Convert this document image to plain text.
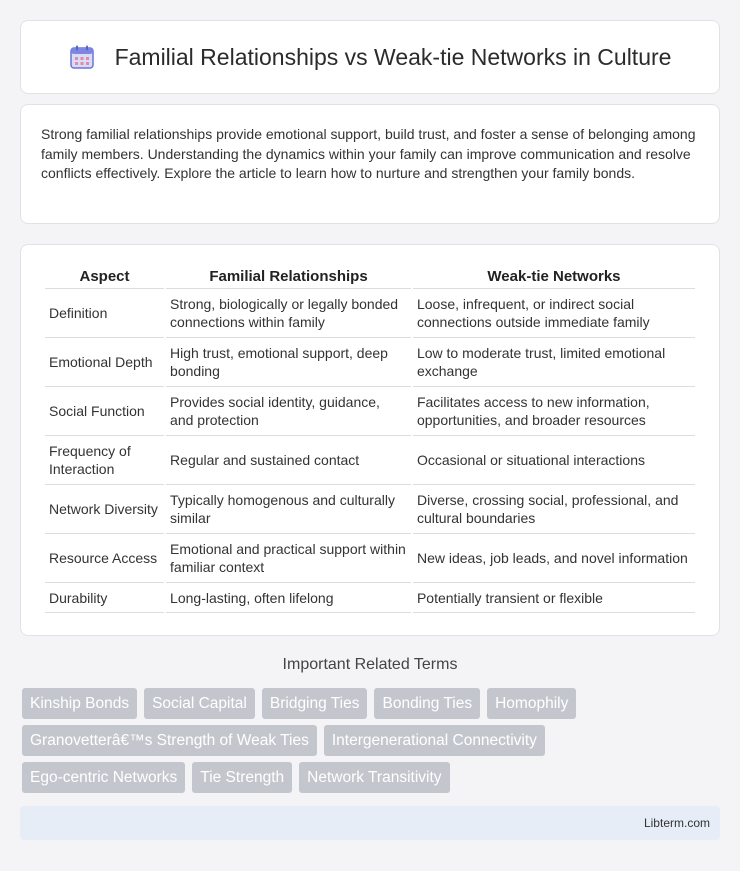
Familial Relationships vs Weak-tie Networks in Culture

Strong familial relationships provide emotional support, build trust, and foster a sense of belonging among family members. Understanding the dynamics within your family can improve communication and resolve conflicts effectively. Explore the article to learn how to nurture and strengthen your family bonds.

Aspect	Familial Relationships	Weak-tie Networks
Definition	Strong, biologically or legally bonded connections within family	Loose, infrequent, or indirect social connections outside immediate family
Emotional Depth	High trust, emotional support, deep bonding	Low to moderate trust, limited emotional exchange
Social Function	Provides social identity, guidance, and protection	Facilitates access to new information, opportunities, and broader resources
Frequency of Interaction	Regular and sustained contact	Occasional or situational interactions
Network Diversity	Typically homogenous and culturally similar	Diverse, crossing social, professional, and cultural boundaries
Resource Access	Emotional and practical support within familiar context	New ideas, job leads, and novel information
Durability	Long-lasting, often lifelong	Potentially transient or flexible
Important Related Terms
Kinship Bonds	Social Capital	Bridging Ties	Bonding Ties	Homophily
Granovetterâ€™s Strength of Weak Ties	Intergenerational Connectivity
Ego-centric Networks	Tie Strength	Network Transitivity
Libterm.com
